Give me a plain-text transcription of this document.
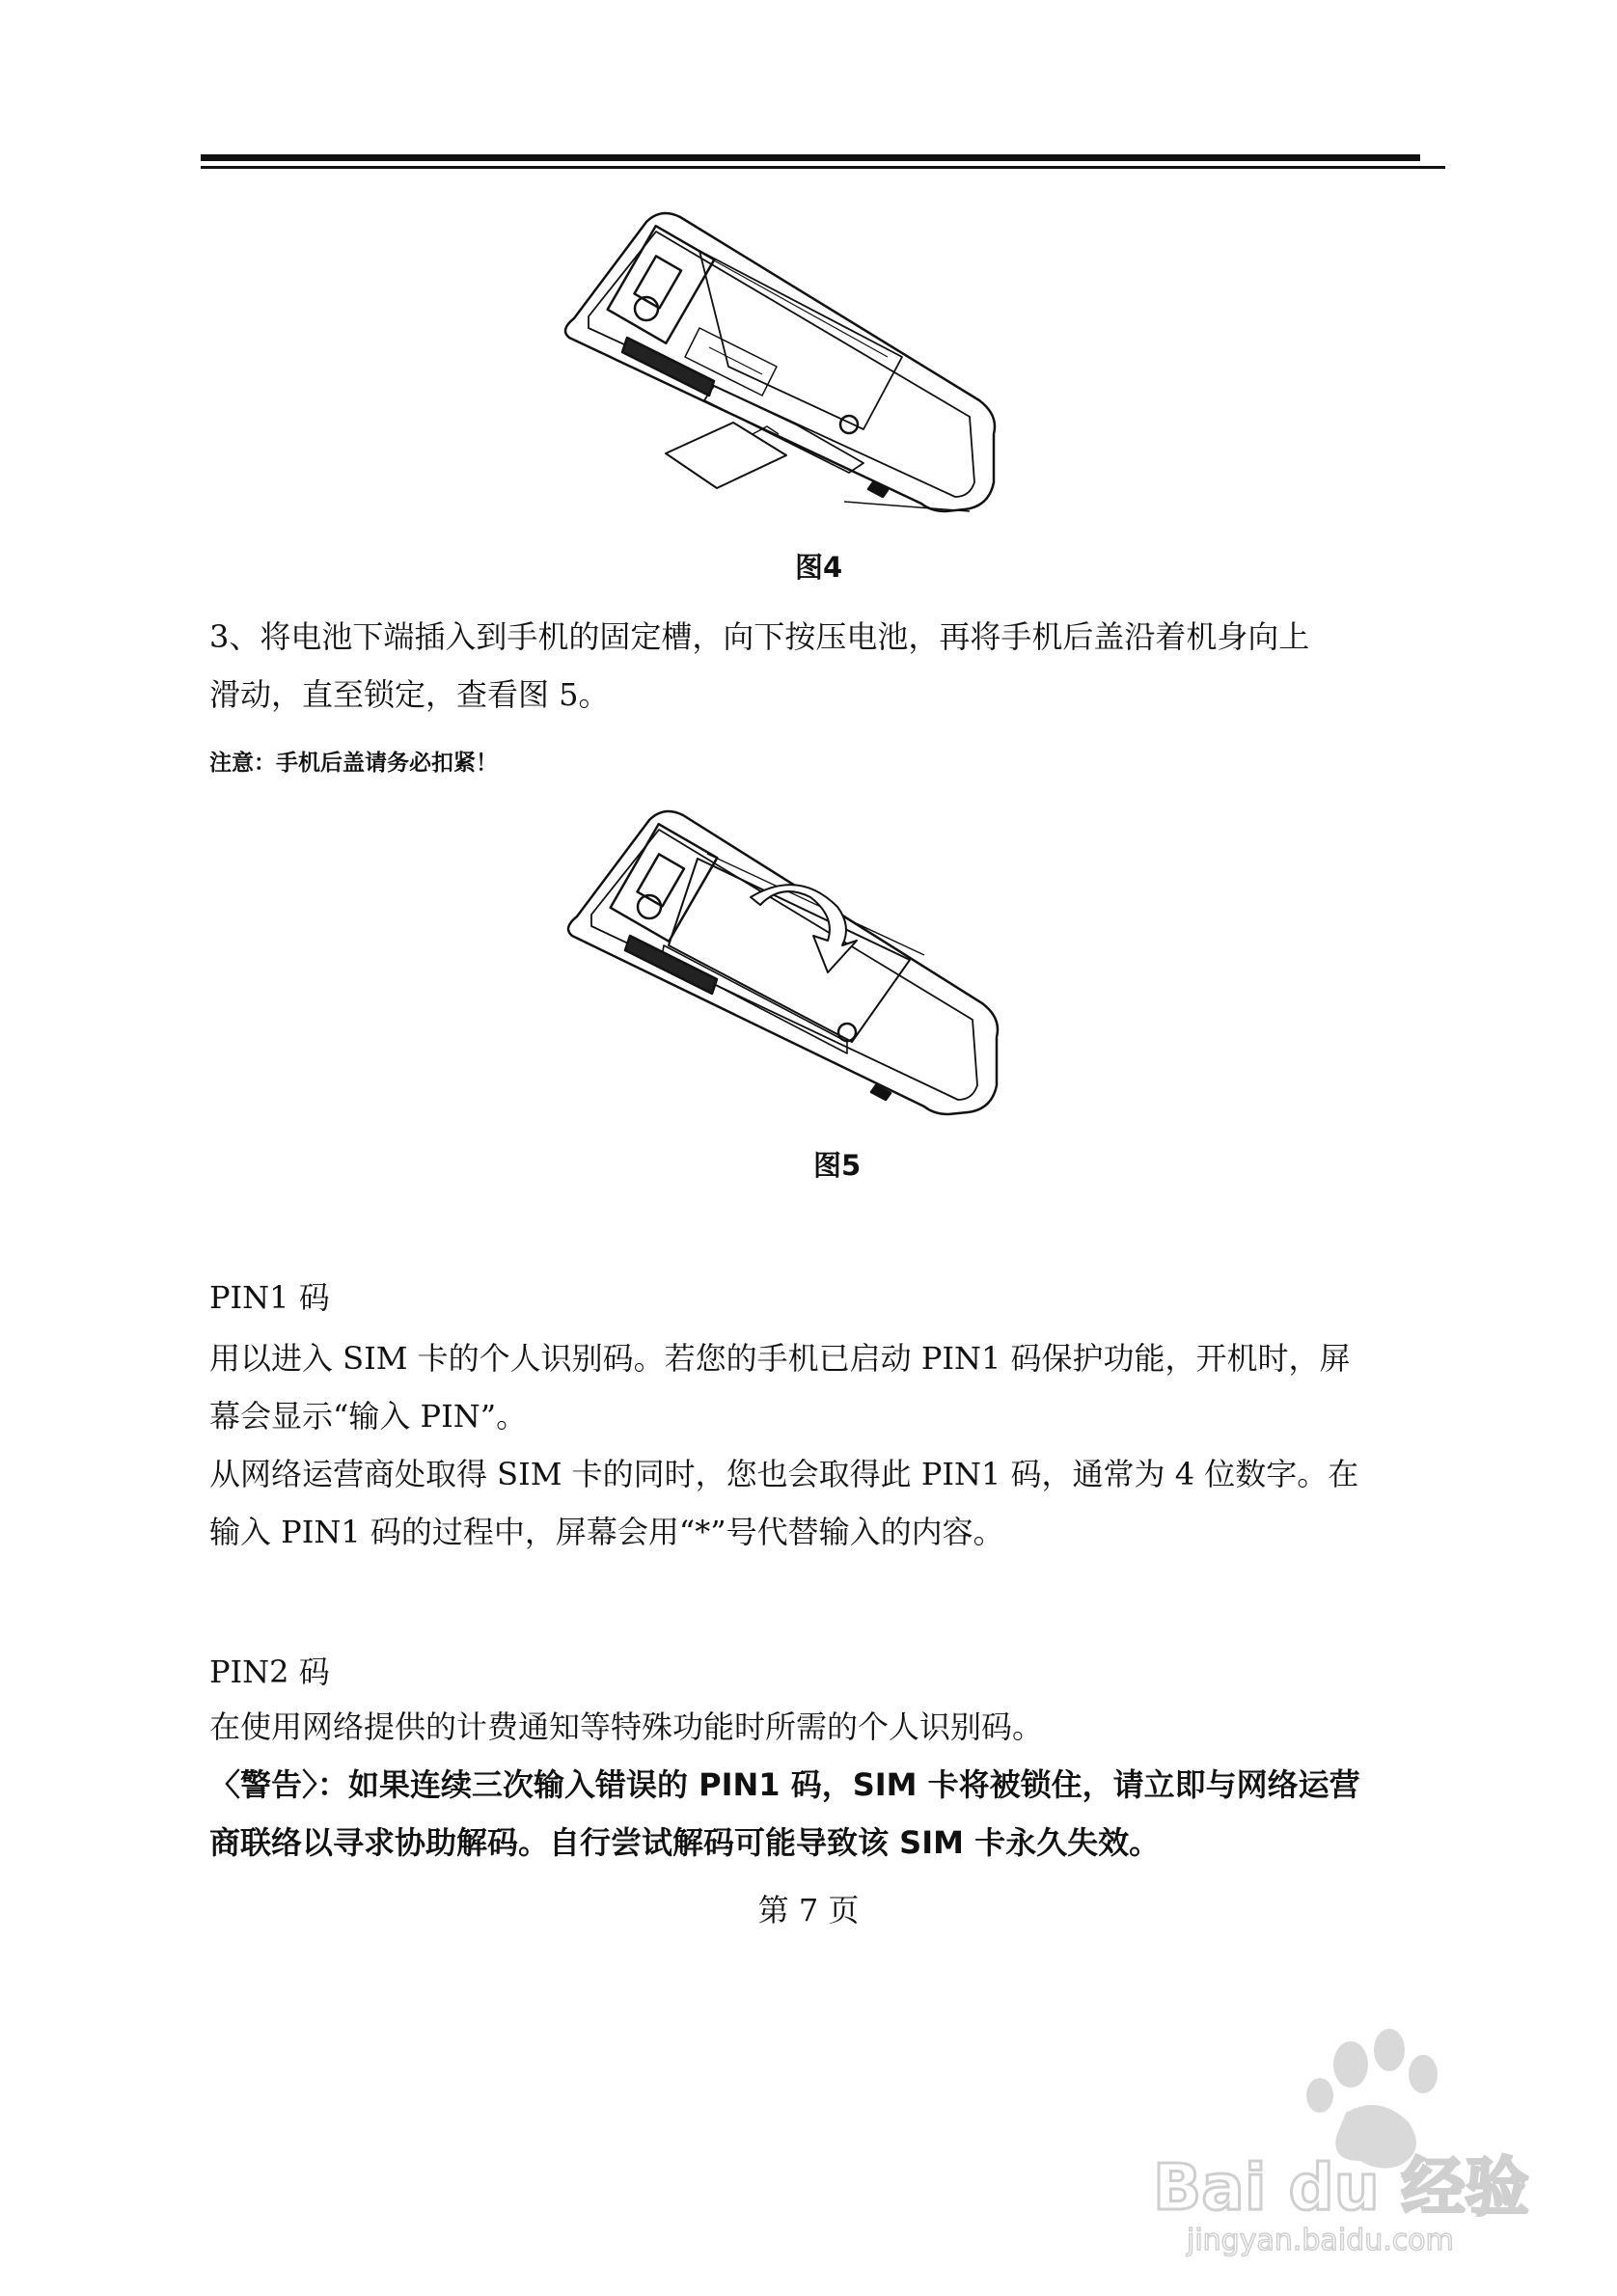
图4

3、将电池下端插入到手机的固定槽，向下按压电池，再将手机后盖沿着机身向上
滑动，直至锁定，查看图 5。

注意：手机后盖请务必扣紧！
图5
PIN1 码

用以进入 SIM 卡的个人识别码。若您的手机已启动 PIN1 码保护功能，开机时，屏
幕会显示“输入 PIN”。
从网络运营商处取得 SIM 卡的同时，您也会取得此 PIN1 码，通常为 4 位数字。在
输入 PIN1 码的过程中，屏幕会用“*”号代替输入的内容。

PIN2 码

在使用网络提供的计费通知等特殊功能时所需的个人识别码。
〈警告〉：如果连续三次输入错误的 PIN1 码，SIM 卡将被锁住，请立即与网络运营
商联络以寻求协助解码。自行尝试解码可能导致该 SIM 卡永久失效。

第 7 页
Bai du 经验
jingyan.baidu.com
